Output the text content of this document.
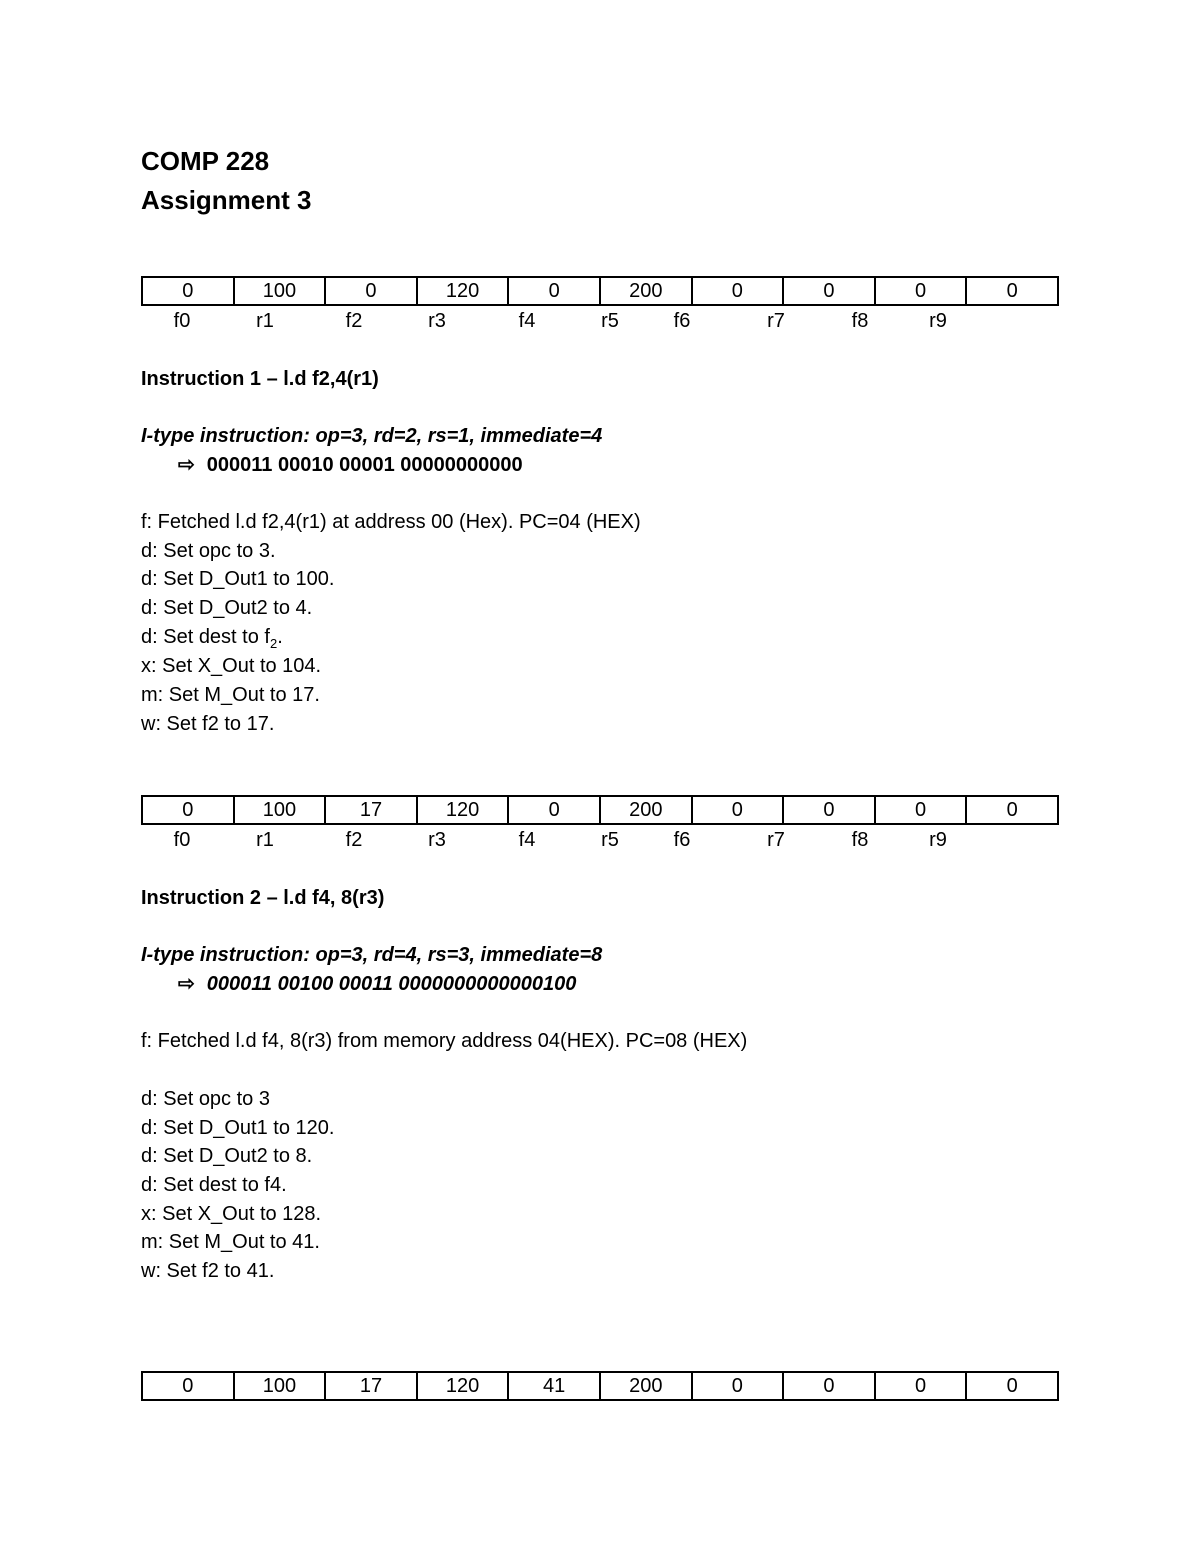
COMP 228
Assignment 3
0	100	0	120	0	200	0	0	0	0
f0	r1	f2	r3	f4	r5	f6	r7	f8	r9
Instruction 1 – l.d f2,4(r1)
I-type instruction: op=3, rd=2, rs=1, immediate=4
⇨ 000011 00010 00001 00000000000
f: Fetched l.d f2,4(r1) at address 00 (Hex). PC=04 (HEX)
d: Set opc to 3.
d: Set D_Out1 to 100.
d: Set D_Out2 to 4.
d: Set dest to $f_2$.
x: Set X_Out to 104.
m: Set M_Out to 17.
w: Set f2 to 17.
0	100	17	120	0	200	0	0	0	0
f0	r1	f2	r3	f4	r5	f6	r7	f8	r9
Instruction 2 – l.d f4, 8(r3)
I-type instruction: op=3, rd=4, rs=3, immediate=8
⇨ 000011 00100 00011 0000000000000100
f: Fetched l.d f4, 8(r3) from memory address 04(HEX). PC=08 (HEX)
d: Set opc to 3
d: Set D_Out1 to 120.
d: Set D_Out2 to 8.
d: Set dest to f4.
x: Set X_Out to 128.
m: Set M_Out to 41.
w: Set f2 to 41.
0	100	17	120	41	200	0	0	0	0
